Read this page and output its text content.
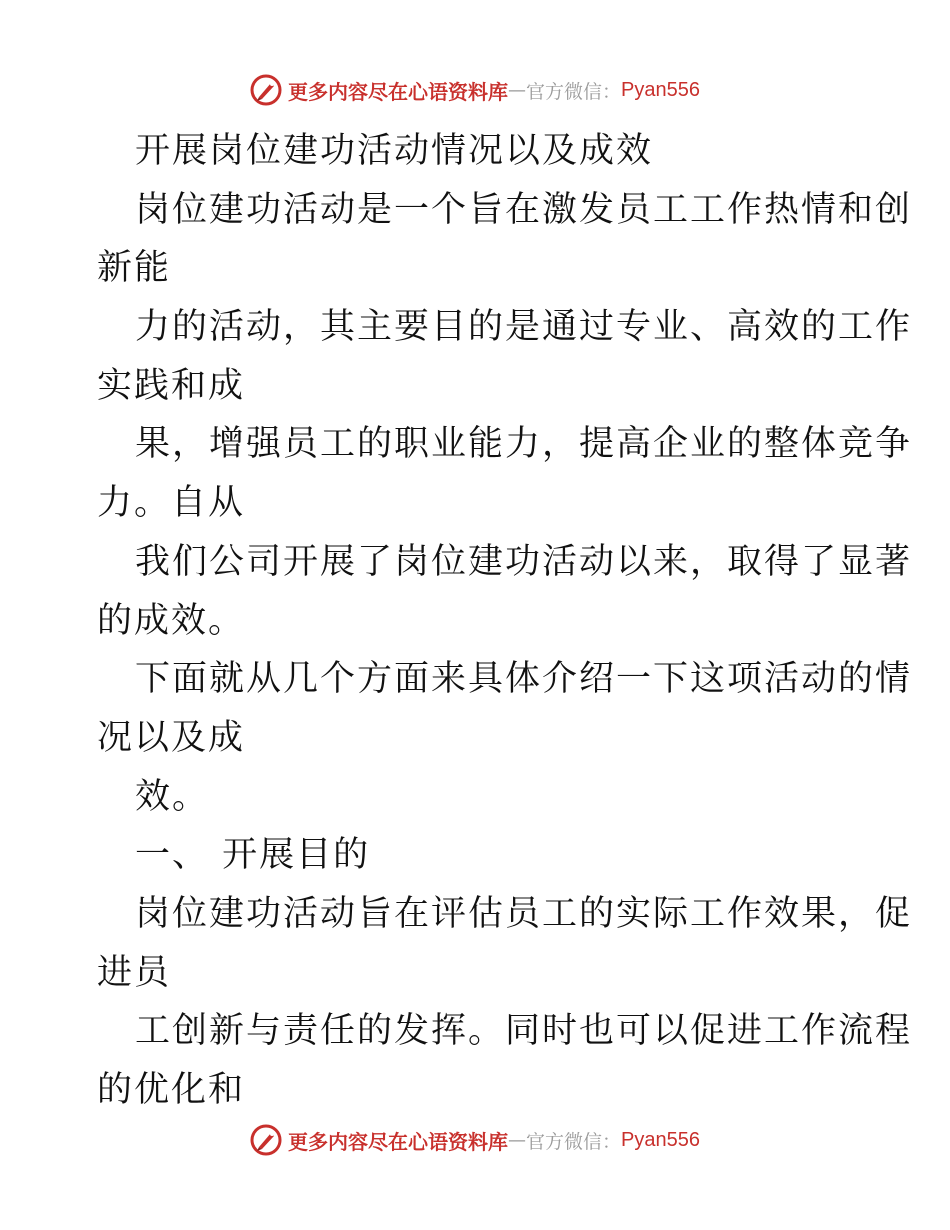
更多内容尽在心语资料库 — 官方微信： Pyan556
开展岗位建功活动情况以及成效
岗位建功活动是一个旨在激发员工工作热情和创
新能
力的活动，其主要目的是通过专业、高效的工作
实践和成
果，增强员工的职业能力，提高企业的整体竞争
力。自从
我们公司开展了岗位建功活动以来，取得了显著
的成效。
下面就从几个方面来具体介绍一下这项活动的情
况以及成
效。
一、 开展目的
岗位建功活动旨在评估员工的实际工作效果，促
进员
工创新与责任的发挥。同时也可以促进工作流程
的优化和
更多内容尽在心语资料库 — 官方微信： Pyan556
